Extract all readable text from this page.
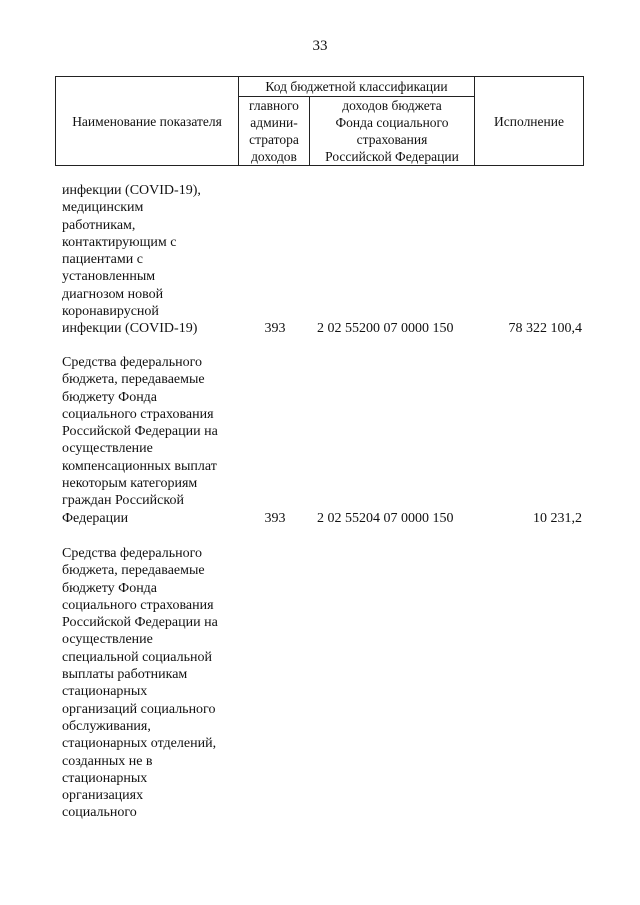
33
Наименование показателя	Код бюджетной классификации		Исполнение
	главного
админи-
стратора
доходов	доходов бюджета
Фонда социального
страхования
Российской Федерации	
инфекции (COVID-19),
медицинским
работникам,
контактирующим с
пациентами с
установленным
диагнозом новой
коронавирусной
инфекции (COVID-19)	393	2 02 55200 07 0000 150	78 322 100,4
Средства федерального
бюджета, передаваемые
бюджету Фонда
социального страхования
Российской Федерации на
осуществление
компенсационных выплат
некоторым категориям
граждан Российской
Федерации	393	2 02 55204 07 0000 150	10 231,2
Средства федерального
бюджета, передаваемые
бюджету Фонда
социального страхования
Российской Федерации на
осуществление
специальной социальной
выплаты работникам
стационарных
организаций социального
обслуживания,
стационарных отделений,
созданных не в
стационарных
организациях
социального
